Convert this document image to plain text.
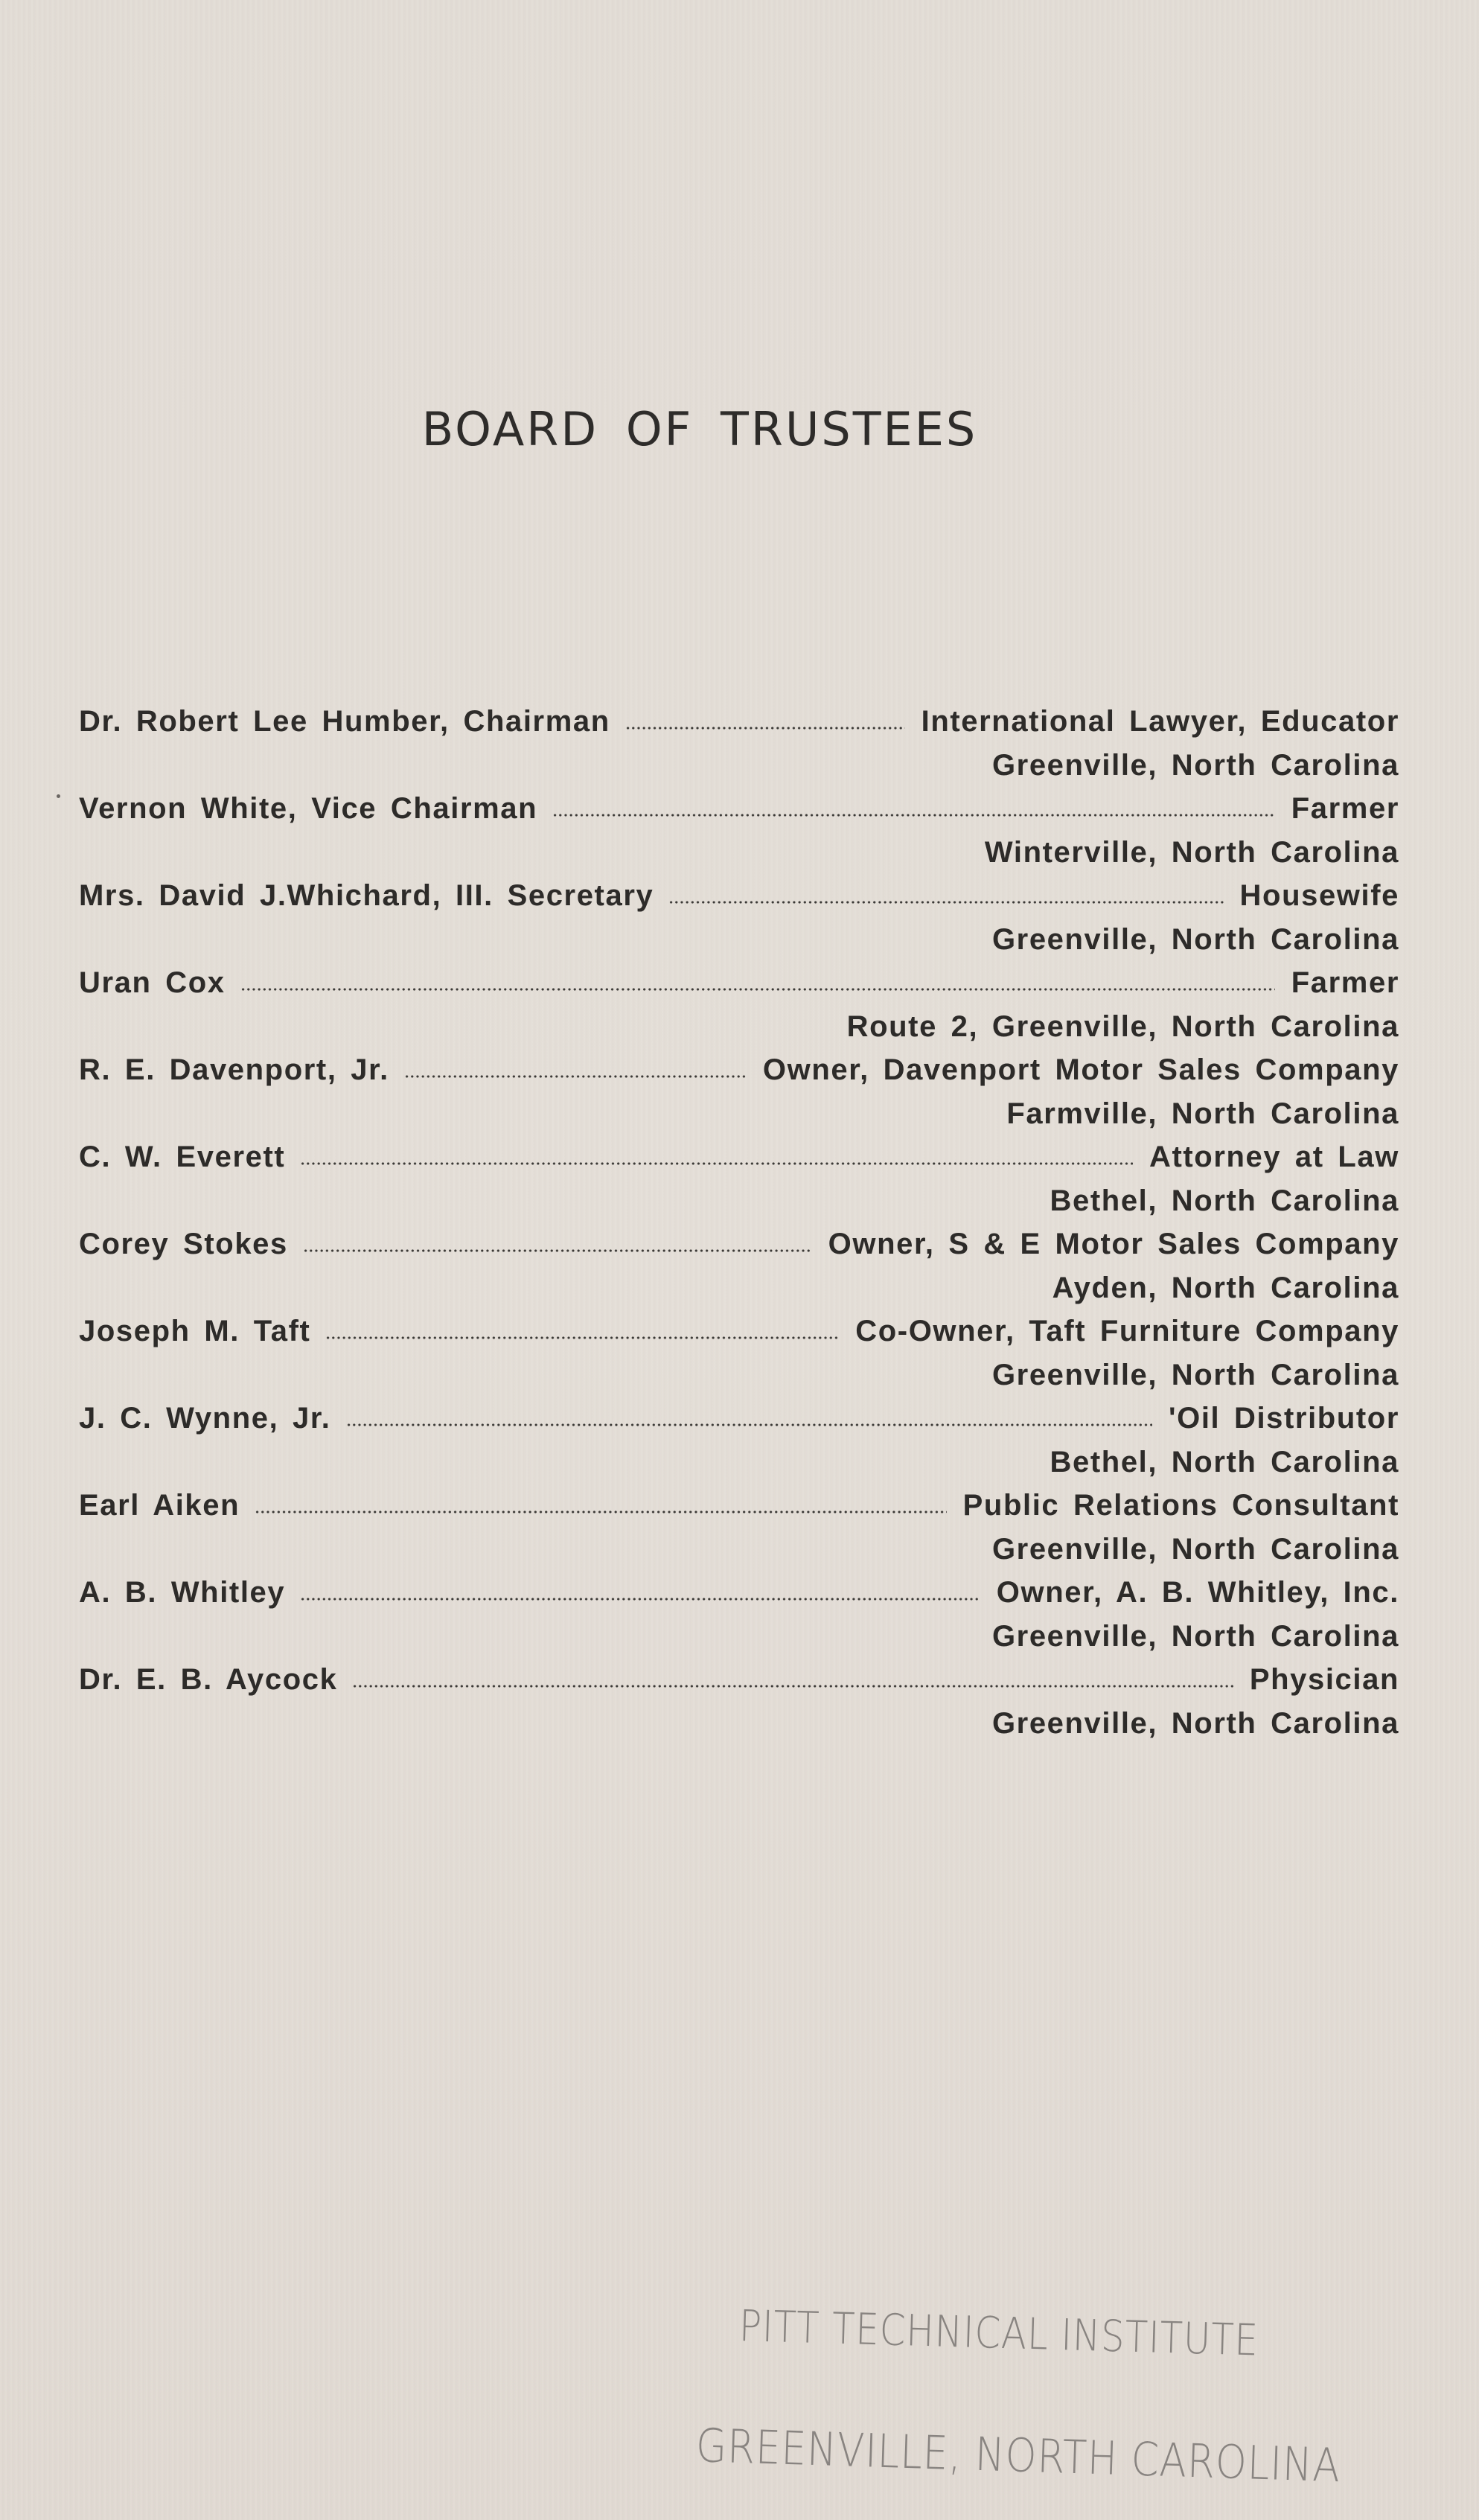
BOARD OF TRUSTEES
Dr. Robert Lee Humber, Chairman	International Lawyer, Educator
Greenville, North Carolina
Vernon White, Vice Chairman	Farmer
Winterville, North Carolina
Mrs. David J.Whichard, III. Secretary	Housewife
Greenville, North Carolina
Uran Cox	Farmer
Route 2, Greenville, North Carolina
R. E. Davenport, Jr.	Owner, Davenport Motor Sales Company
Farmville, North Carolina
C. W. Everett	Attorney at Law
Bethel, North Carolina
Corey Stokes	Owner, S & E Motor Sales Company
Ayden, North Carolina
Joseph M. Taft	Co-Owner, Taft Furniture Company
Greenville, North Carolina
J. C. Wynne, Jr.	'Oil Distributor
Bethel, North Carolina
Earl Aiken	Public Relations Consultant
Greenville, North Carolina
A. B. Whitley	Owner, A. B. Whitley, Inc.
Greenville, North Carolina
Dr. E. B. Aycock	Physician
Greenville, North Carolina
PITT TECHNICAL INSTITUTE
GREENVILLE, NORTH CAROLINA
